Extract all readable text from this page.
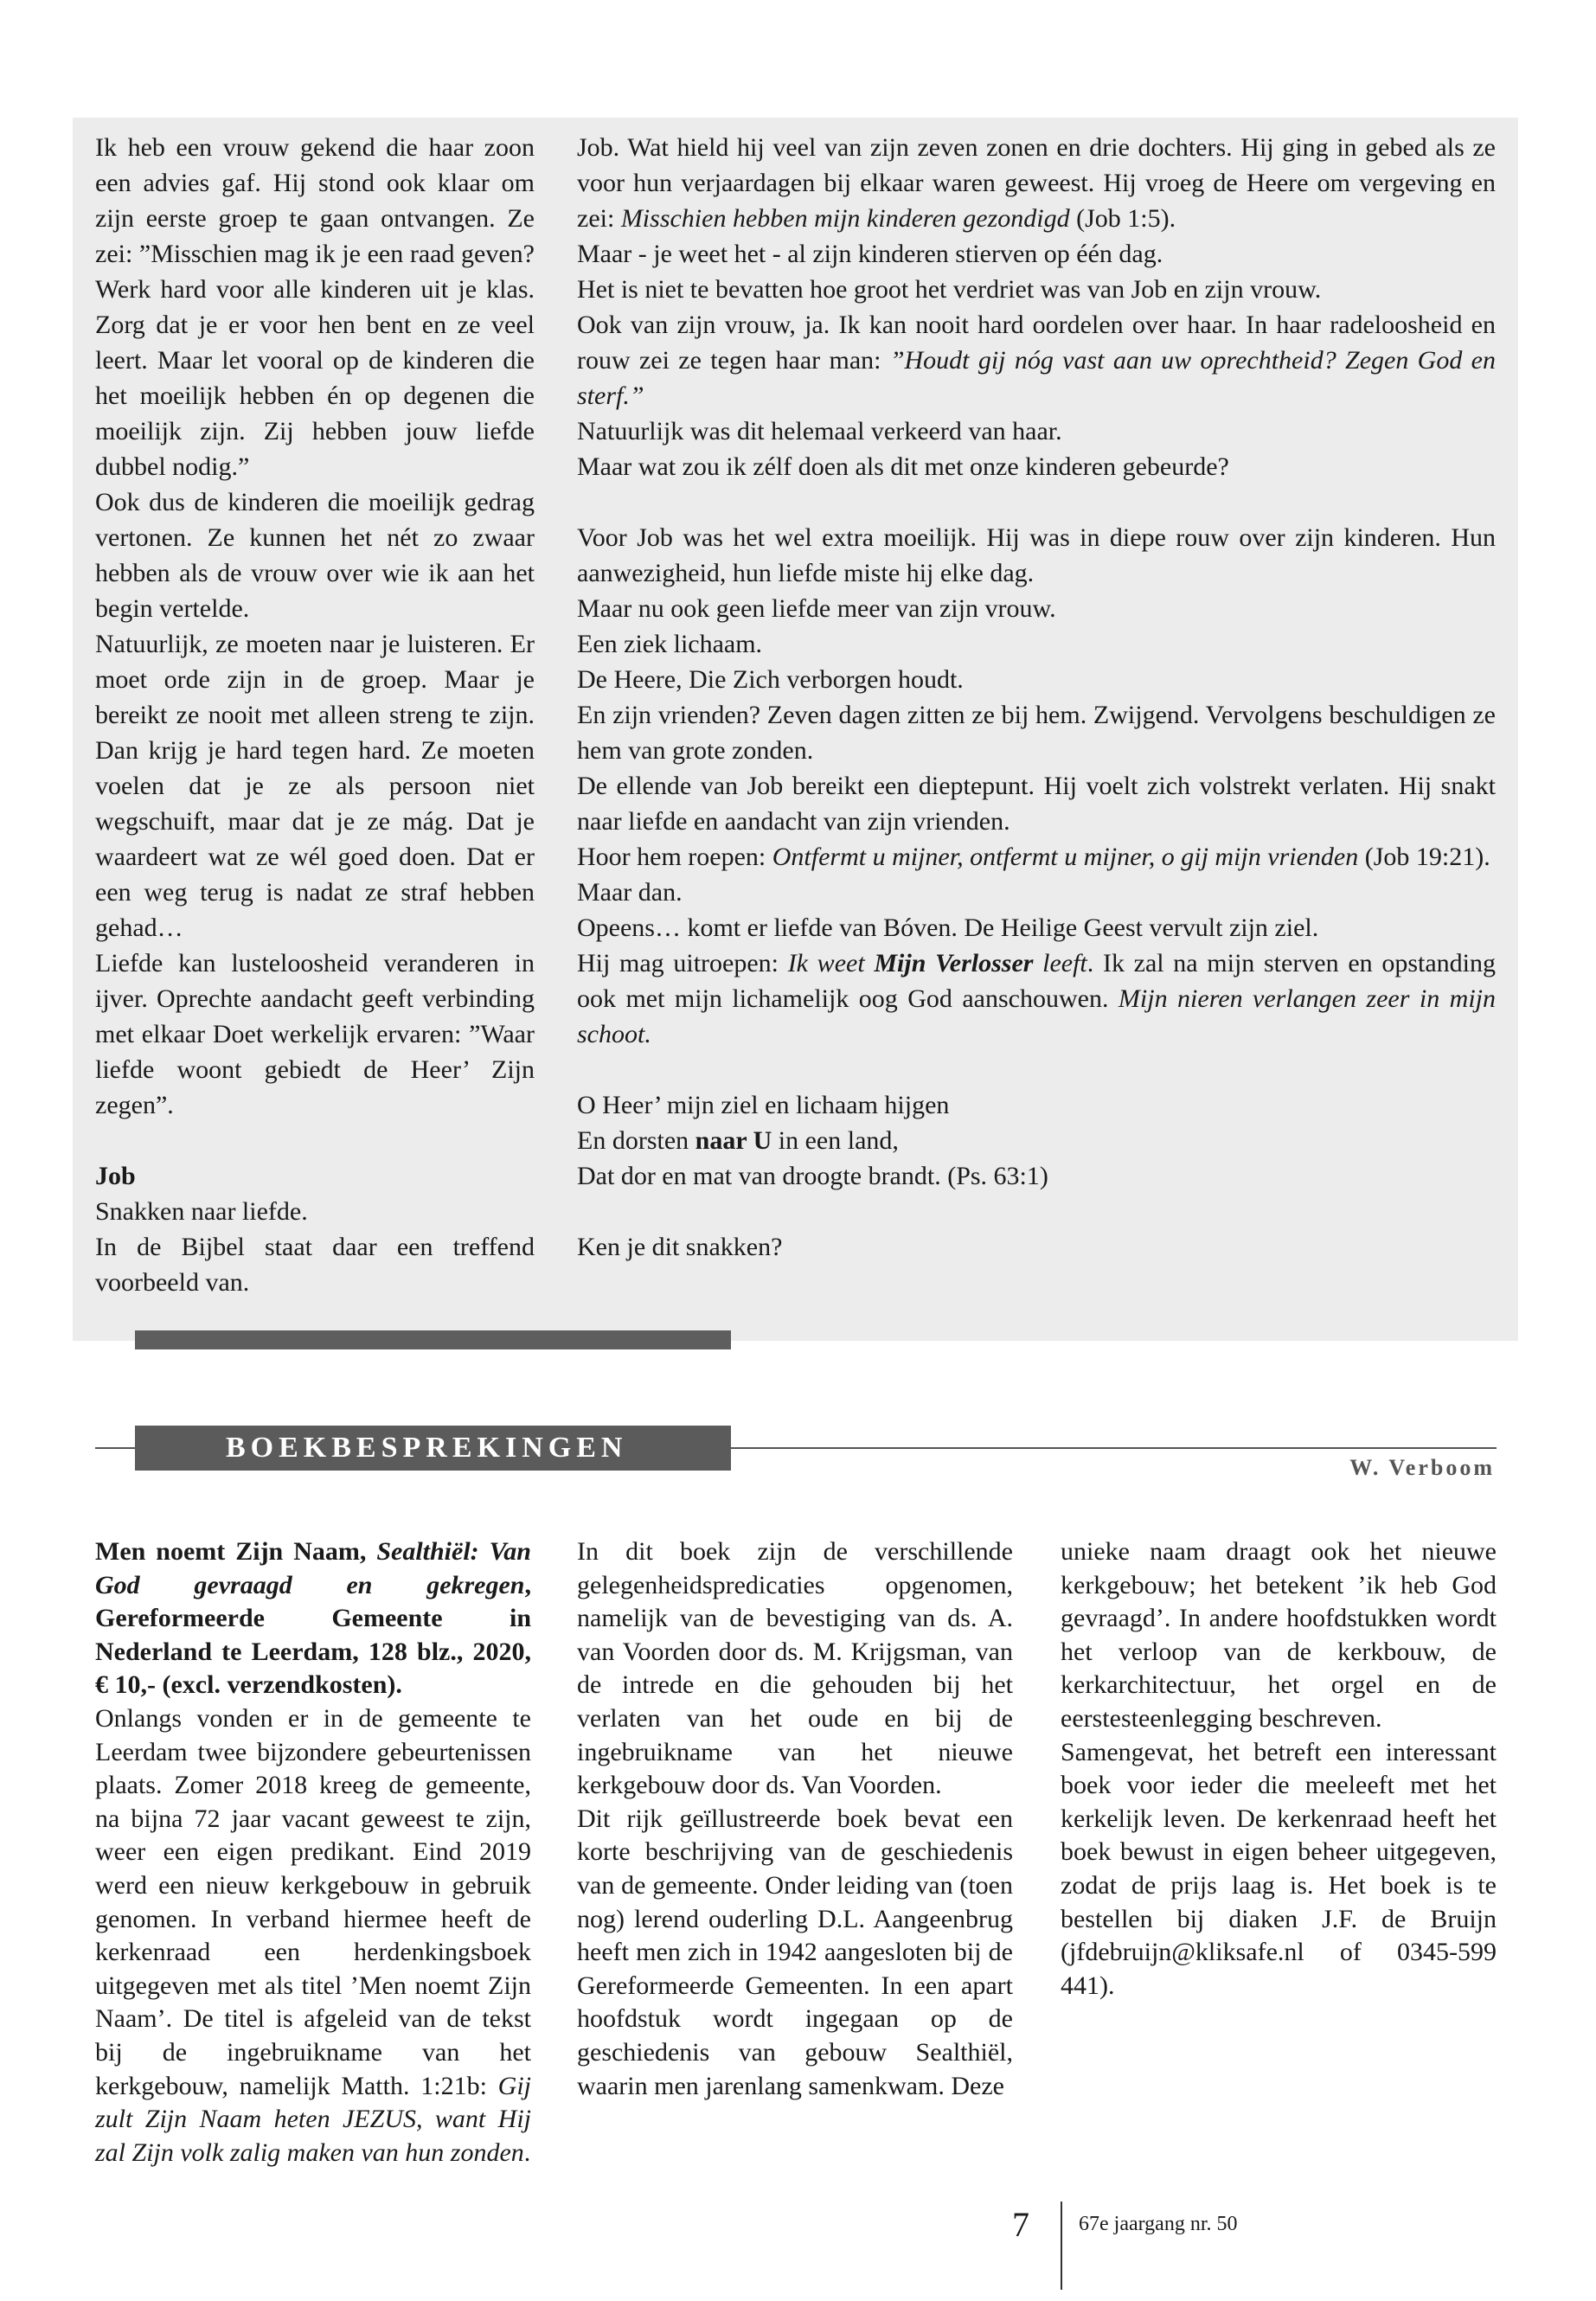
Ik heb een vrouw gekend die haar zoon een advies gaf. Hij stond ook klaar om zijn eerste groep te gaan ontvangen. Ze zei: ”Misschien mag ik je een raad geven? Werk hard voor alle kinderen uit je klas. Zorg dat je er voor hen bent en ze veel leert. Maar let vooral op de kinderen die het moeilijk hebben én op degenen die moeilijk zijn. Zij hebben jouw liefde dubbel nodig.”

Ook dus de kinderen die moeilijk gedrag vertonen. Ze kunnen het nét zo zwaar hebben als de vrouw over wie ik aan het begin vertelde.

Natuurlijk, ze moeten naar je luisteren. Er moet orde zijn in de groep. Maar je bereikt ze nooit met alleen streng te zijn. Dan krijg je hard tegen hard. Ze moeten voelen dat je ze als persoon niet wegschuift, maar dat je ze mág. Dat je waardeert wat ze wél goed doen. Dat er een weg terug is nadat ze straf hebben gehad…

Liefde kan lusteloosheid veranderen in ijver. Oprechte aandacht geeft verbinding met elkaar Doet werkelijk ervaren: ”Waar liefde woont gebiedt de Heer’ Zijn zegen”.

Job

Snakken naar liefde.

In de Bijbel staat daar een treffend voorbeeld van.

Job. Wat hield hij veel van zijn zeven zonen en drie dochters. Hij ging in gebed als ze voor hun verjaardagen bij elkaar waren geweest. Hij vroeg de Heere om vergeving en zei: Misschien hebben mijn kinderen gezondigd (Job 1:5).

Maar - je weet het - al zijn kinderen stierven op één dag.

Het is niet te bevatten hoe groot het verdriet was van Job en zijn vrouw.

Ook van zijn vrouw, ja. Ik kan nooit hard oordelen over haar. In haar radeloosheid en rouw zei ze tegen haar man: ”Houdt gij nóg vast aan uw oprechtheid? Zegen God en sterf.”

Natuurlijk was dit helemaal verkeerd van haar.

Maar wat zou ik zélf doen als dit met onze kinderen gebeurde?

Voor Job was het wel extra moeilijk. Hij was in diepe rouw over zijn kinderen. Hun aanwezigheid, hun liefde miste hij elke dag.

Maar nu ook geen liefde meer van zijn vrouw.

Een ziek lichaam.

De Heere, Die Zich verborgen houdt.

En zijn vrienden? Zeven dagen zitten ze bij hem. Zwijgend. Vervolgens beschuldigen ze hem van grote zonden.

De ellende van Job bereikt een dieptepunt. Hij voelt zich volstrekt verlaten. Hij snakt naar liefde en aandacht van zijn vrienden.

Hoor hem roepen: Ontfermt u mijner, ontfermt u mijner, o gij mijn vrienden (Job 19:21).

Maar dan.

Opeens… komt er liefde van Bóven. De Heilige Geest vervult zijn ziel.

Hij mag uitroepen: Ik weet Mijn Verlosser leeft. Ik zal na mijn sterven en opstanding ook met mijn lichamelijk oog God aanschouwen. Mijn nieren verlangen zeer in mijn schoot.

O Heer’ mijn ziel en lichaam hijgen

En dorsten naar U in een land,

Dat dor en mat van droogte brandt. (Ps. 63:1)

Ken je dit snakken?

BOEKBESPREKINGEN
W. Verboom

Men noemt Zijn Naam, Sealthiël: Van God gevraagd en gekregen, Gereformeerde Gemeente in Nederland te Leerdam, 128 blz., 2020, € 10,- (excl. verzendkosten).

Onlangs vonden er in de gemeente te Leerdam twee bijzondere gebeurtenissen plaats. Zomer 2018 kreeg de gemeente, na bijna 72 jaar vacant geweest te zijn, weer een eigen predikant. Eind 2019 werd een nieuw kerkgebouw in gebruik genomen. In verband hiermee heeft de kerkenraad een herdenkingsboek uitgegeven met als titel ’Men noemt Zijn Naam’. De titel is afgeleid van de tekst bij de ingebruikname van het kerkgebouw, namelijk Matth. 1:21b: Gij zult Zijn Naam heten JEZUS, want Hij zal Zijn volk zalig maken van hun zonden.

In dit boek zijn de verschillende gelegenheidspredicaties opgenomen, namelijk van de bevestiging van ds. A. van Voorden door ds. M. Krijgsman, van de intrede en die gehouden bij het verlaten van het oude en bij de ingebruikname van het nieuwe kerkgebouw door ds. Van Voorden.

Dit rijk geïllustreerde boek bevat een korte beschrijving van de geschiedenis van de gemeente. Onder leiding van (toen nog) lerend ouderling D.L. Aangeenbrug heeft men zich in 1942 aangesloten bij de Gereformeerde Gemeenten. In een apart hoofdstuk wordt ingegaan op de geschiedenis van gebouw Sealthiël, waarin men jarenlang samenkwam. Deze

unieke naam draagt ook het nieuwe kerkgebouw; het betekent ’ik heb God gevraagd’. In andere hoofdstukken wordt het verloop van de kerkbouw, de kerkarchitectuur, het orgel en de eerstesteenlegging beschreven.

Samengevat, het betreft een interessant boek voor ieder die meeleeft met het kerkelijk leven. De kerkenraad heeft het boek bewust in eigen beheer uitgegeven, zodat de prijs laag is. Het boek is te bestellen bij diaken J.F. de Bruijn (jfdebruijn@kliksafe.nl of 0345-599 441).

7 67e jaargang nr. 50
